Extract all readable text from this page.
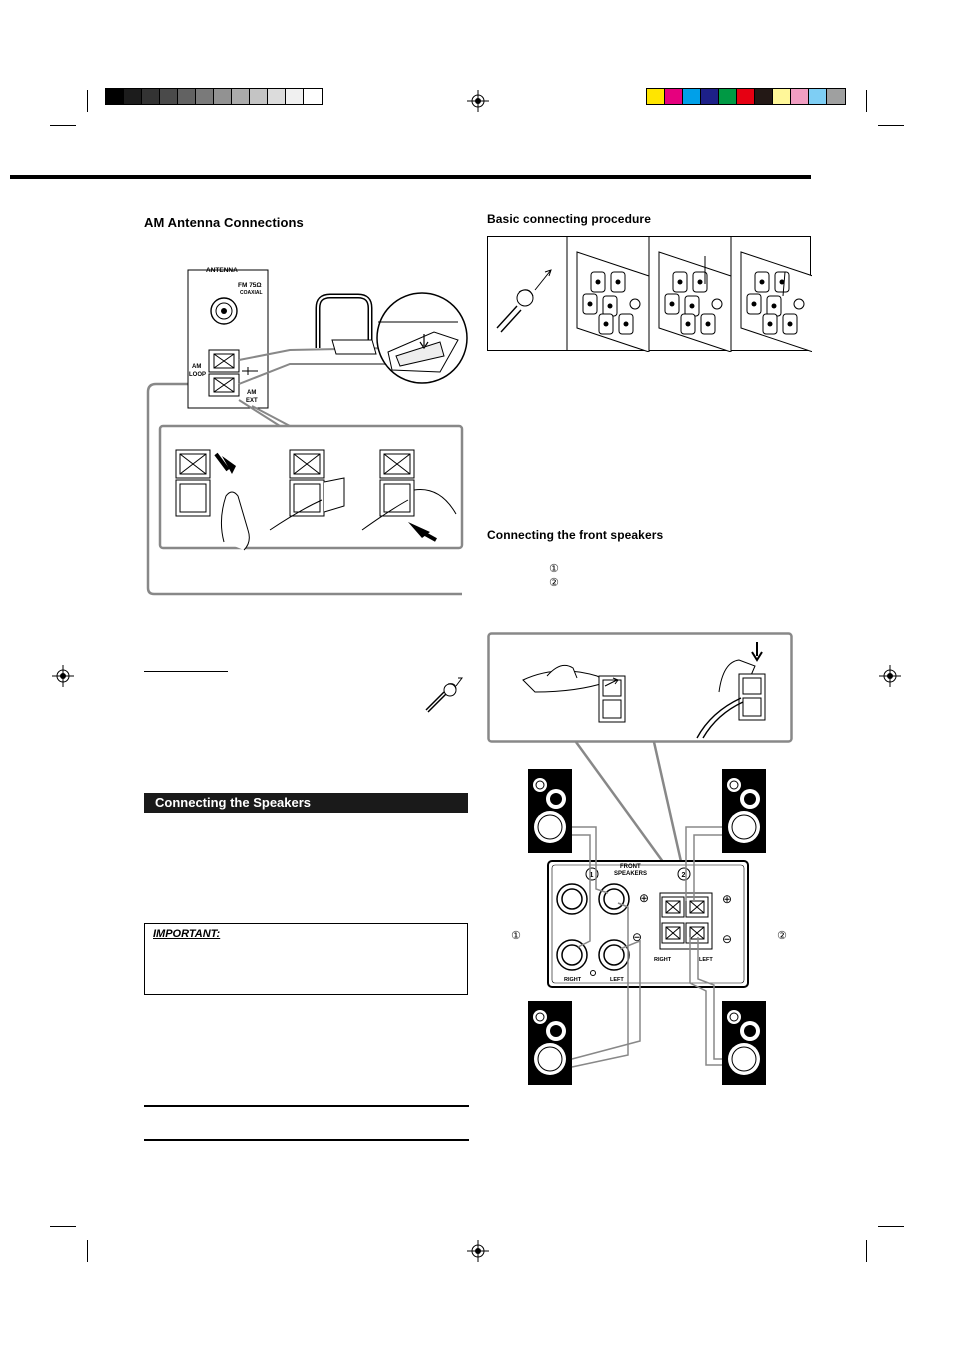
AM Antenna Connections	Basic connecting procedure
Connecting the front speakers
①
②
ANTENNA
FM 75Ω
COAXIAL
AM
LOOP
AM
EXT
FRONT
SPEAKERS
1	2
⊕
⊖
RIGHT	LEFT
⊕
⊖
RIGHT	LEFT
①	②
Connecting the Speakers
IMPORTANT:
